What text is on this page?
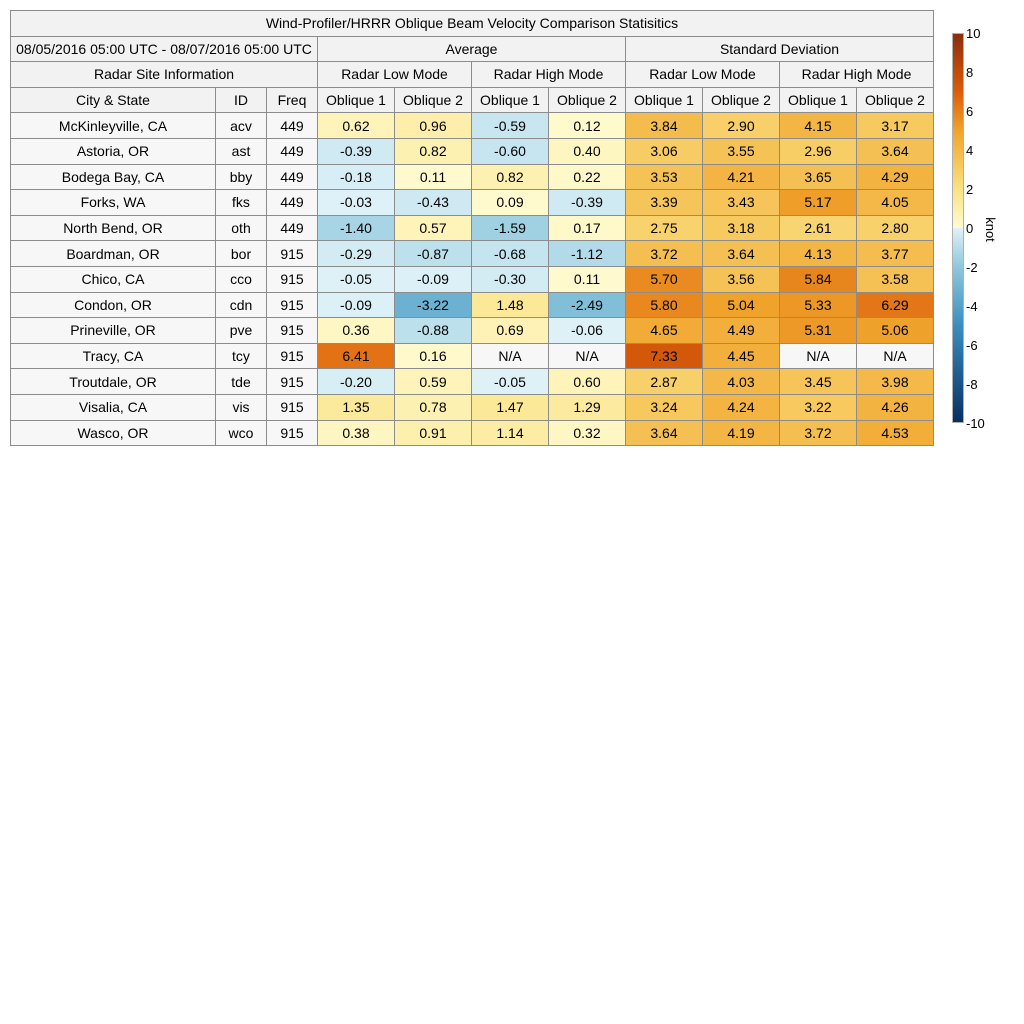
Wind-Profiler/HRRR Oblique Beam Velocity Comparison Statisitics										
08/05/2016 05:00 UTC - 08/07/2016 05:00 UTC			Average				Standard Deviation			
Radar Site Information			Radar Low Mode		Radar High Mode		Radar Low Mode		Radar High Mode	
City & State	ID	Freq	Oblique 1	Oblique 2	Oblique 1	Oblique 2	Oblique 1	Oblique 2	Oblique 1	Oblique 2
McKinleyville, CA	acv	449	0.62	0.96	-0.59	0.12	3.84	2.90	4.15	3.17
Astoria, OR	ast	449	-0.39	0.82	-0.60	0.40	3.06	3.55	2.96	3.64
Bodega Bay, CA	bby	449	-0.18	0.11	0.82	0.22	3.53	4.21	3.65	4.29
Forks, WA	fks	449	-0.03	-0.43	0.09	-0.39	3.39	3.43	5.17	4.05
North Bend, OR	oth	449	-1.40	0.57	-1.59	0.17	2.75	3.18	2.61	2.80
Boardman, OR	bor	915	-0.29	-0.87	-0.68	-1.12	3.72	3.64	4.13	3.77
Chico, CA	cco	915	-0.05	-0.09	-0.30	0.11	5.70	3.56	5.84	3.58
Condon, OR	cdn	915	-0.09	-3.22	1.48	-2.49	5.80	5.04	5.33	6.29
Prineville, OR	pve	915	0.36	-0.88	0.69	-0.06	4.65	4.49	5.31	5.06
Tracy, CA	tcy	915	6.41	0.16	N/A	N/A	7.33	4.45	N/A	N/A
Troutdale, OR	tde	915	-0.20	0.59	-0.05	0.60	2.87	4.03	3.45	3.98
Visalia, CA	vis	915	1.35	0.78	1.47	1.29	3.24	4.24	3.22	4.26
Wasco, OR	wco	915	0.38	0.91	1.14	0.32	3.64	4.19	3.72	4.53
10
8
6
4
2
0
-2
-4
-6
-8
-10
knot
